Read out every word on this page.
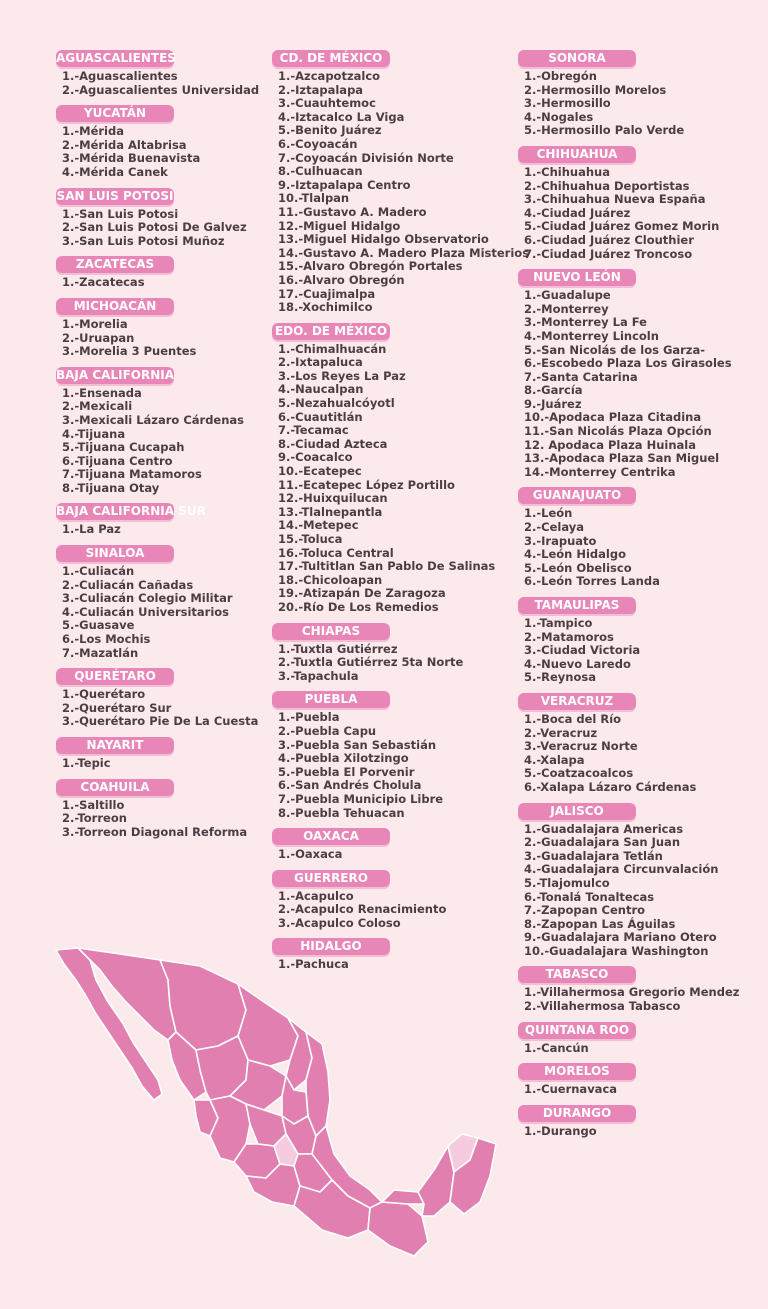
AGUASCALIENTES
1.-Aguascalientes
2.-Aguascalientes Universidad
YUCATÁN
1.-Mérida
2.-Mérida Altabrisa
3.-Mérida Buenavista
4.-Mérida Canek
SAN LUIS POTOSI
1.-San Luis Potosi
2.-San Luis Potosi De Galvez
3.-San Luis Potosi Muñoz
ZACATECAS
1.-Zacatecas
MICHOACÁN
1.-Morelia
2.-Uruapan
3.-Morelia 3 Puentes
BAJA CALIFORNIA
1.-Ensenada
2.-Mexicali
3.-Mexicali Lázaro Cárdenas
4.-Tijuana
5.-Tijuana Cucapah
6.-Tijuana Centro
7.-Tijuana Matamoros
8.-Tijuana Otay
BAJA CALIFORNIA SUR
1.-La Paz
SINALOA
1.-Culiacán
2.-Culiacán Cañadas
3.-Culiacán Colegio Militar
4.-Culiacán Universitarios
5.-Guasave
6.-Los Mochis
7.-Mazatlán
QUERÉTARO
1.-Querétaro
2.-Querétaro Sur
3.-Querétaro Pie De La Cuesta
NAYARIT
1.-Tepic
COAHUILA
1.-Saltillo
2.-Torreon
3.-Torreon Diagonal Reforma
CD. DE MÉXICO
1.-Azcapotzalco
2.-Iztapalapa
3.-Cuauhtemoc
4.-Iztacalco La Viga
5.-Benito Juárez
6.-Coyoacán
7.-Coyoacán División Norte
8.-Culhuacan
9.-Iztapalapa Centro
10.-Tlalpan
11.-Gustavo A. Madero
12.-Miguel Hidalgo
13.-Miguel Hidalgo Observatorio
14.-Gustavo A. Madero Plaza Misterios
15.-Alvaro Obregón Portales
16.-Alvaro Obregón
17.-Cuajimalpa
18.-Xochimilco
EDO. DE MÉXICO
1.-Chimalhuacán
2.-Ixtapaluca
3.-Los Reyes La Paz
4.-Naucalpan
5.-Nezahualcóyotl
6.-Cuautitlán
7.-Tecamac
8.-Ciudad Azteca
9.-Coacalco
10.-Ecatepec
11.-Ecatepec López Portillo
12.-Huixquilucan
13.-Tlalnepantla
14.-Metepec
15.-Toluca
16.-Toluca Central
17.-Tultitlan San Pablo De Salinas
18.-Chicoloapan
19.-Atizapán De Zaragoza
20.-Río De Los Remedios
CHIAPAS
1.-Tuxtla Gutiérrez
2.-Tuxtla Gutiérrez 5ta Norte
3.-Tapachula
PUEBLA
1.-Puebla
2.-Puebla Capu
3.-Puebla San Sebastián
4.-Puebla Xilotzingo
5.-Puebla El Porvenir
6.-San Andrés Cholula
7.-Puebla Municipio Libre
8.-Puebla Tehuacan
OAXACA
1.-Oaxaca
GUERRERO
1.-Acapulco
2.-Acapulco Renacimiento
3.-Acapulco Coloso
HIDALGO
1.-Pachuca
SONORA
1.-Obregón
2.-Hermosillo Morelos
3.-Hermosillo
4.-Nogales
5.-Hermosillo Palo Verde
CHIHUAHUA
1.-Chihuahua
2.-Chihuahua Deportistas
3.-Chihuahua Nueva España
4.-Ciudad Juárez
5.-Ciudad Juárez Gomez Morin
6.-Ciudad Juárez Clouthier
7.-Ciudad Juárez Troncoso
NUEVO LEÓN
1.-Guadalupe
2.-Monterrey
3.-Monterrey La Fe
4.-Monterrey Lincoln
5.-San Nicolás de los Garza-
6.-Escobedo Plaza Los Girasoles
7.-Santa Catarina
8.-García
9.-Juárez
10.-Apodaca Plaza Citadina
11.-San Nicolás Plaza Opción
12. Apodaca Plaza Huinala
13.-Apodaca Plaza San Miguel
14.-Monterrey Centrika
GUANAJUATO
1.-León
2.-Celaya
3.-Irapuato
4.-León Hidalgo
5.-León Obelisco
6.-León Torres Landa
TAMAULIPAS
1.-Tampico
2.-Matamoros
3.-Ciudad Victoria
4.-Nuevo Laredo
5.-Reynosa
VERACRUZ
1.-Boca del Río
2.-Veracruz
3.-Veracruz Norte
4.-Xalapa
5.-Coatzacoalcos
6.-Xalapa Lázaro Cárdenas
JALISCO
1.-Guadalajara Americas
2.-Guadalajara San Juan
3.-Guadalajara Tetlán
4.-Guadalajara Circunvalación
5.-Tlajomulco
6.-Tonalá Tonaltecas
7.-Zapopan Centro
8.-Zapopan Las Águilas
9.-Guadalajara Mariano Otero
10.-Guadalajara Washington
TABASCO
1.-Villahermosa Gregorio Mendez
2.-Villahermosa Tabasco
QUINTANA ROO
1.-Cancún
MORELOS
1.-Cuernavaca
DURANGO
1.-Durango
